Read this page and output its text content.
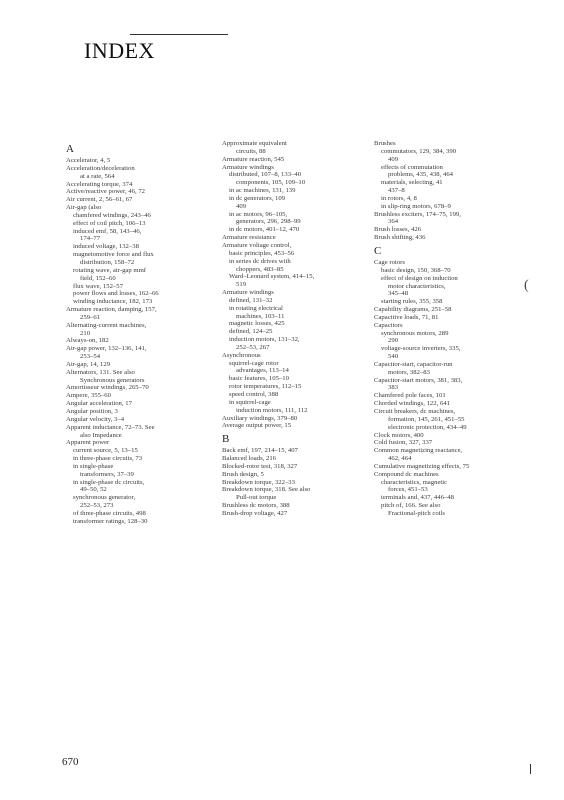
INDEX
A
Accelerator, 4, 5
Acceleration/deceleration
at a rate, 564
Accelerating torque, 374
Active/reactive power, 46, 72
Air current, 2, 56–61, 67
Air-gap (also
chamfered windings, 243–46
effect of coil pitch, 106–13
induced emf, 58, 143–46,
174–77
induced voltage, 132–38
magnetomotive force and flux
distribution, 158–72
rotating wave, air-gap mmf
field, 152–60
flux wave, 152–57
power flows and losses, 162–66
winding inductance, 182, 173
Armature reaction, damping, 157,
259–61
Alternating-current machines,
210
Always-on, 182
Air-gap power, 132–136, 141,
253–54
Air-gap, 14, 129
Alternators, 131. See also
Synchronous generators
Amortisseur windings, 265–70
Ampere, 355–60
Angular acceleration, 17
Angular position, 3
Angular velocity, 3–4
Apparent inductance, 72–73. See
also Impedance
Apparent power
current source, 5, 13–15
in three-phase circuits, 73
in single-phase
transformers, 37–39
in single-phase dc circuits,
49–50, 52
synchronous generator,
252–53, 273
of three-phase circuits, 498
transformer ratings, 128–30
Approximate equivalent
circuits, 88
Armature reaction, 545
Armature windings
distributed, 107–8, 133–40
components, 105, 109–10
in ac machines, 131, 139
in dc generators, 109
409
in ac motors, 96–105,
generators, 296, 298–99
in dc motors, 401–12, 470
Armature resistance
Armature voltage control,
basic principles, 453–56
in series dc drives with
choppers, 483–85
Ward–Leonard system, 414–15,
519
Armature windings
defined, 131–32
in rotating electrical
machines, 103–11
magnetic losses, 425
defined, 124–25
induction motors, 131–32,
252–53, 267
Asynchronous
squirrel-cage rotor
advantages, 113–14
basic features, 105–10
rotor temperatures, 112–15
speed control, 388
in squirrel-cage
induction motors, 111, 112
Auxiliary windings, 379–80
Average output power, 15
B
Back emf, 197, 214–15, 407
Balanced loads, 216
Blocked-rotor test, 318, 327
Brush design, 5
Breakdown torque, 322–33
Breakdown torque, 318. See also
Pull-out torque
Brushless dc motors, 388
Brush-drop voltage, 427
Brushes
commutators, 129, 384, 390
409
effects of commutation
problems, 435, 438, 464
materials, selecting, 41
437–8
in rotors, 4, 8
in slip-ring motors, 678–9
Brushless exciters, 174–75, 199,
364
Brush losses, 426
Brush shifting, 436
C
Cage rotors
basic design, 150, 368–70
effect of design on induction
motor characteristics,
345–48
starting rules, 355, 358
Capability diagrams, 251–58
Capacitive loads, 71, 81
Capacitors
synchronous motors, 289
290
voltage-source inverters, 335,
540
Capacitor-start, capacitor-run
motors, 382–83
Capacitor-start motors, 381, 383,
383
Chamfered pole faces, 101
Chorded windings, 122, 641
Circuit breakers, dc machines,
formation, 145, 261, 451–55
electronic protection, 434–49
Clock motors, 400
Cold fusion, 327, 337
Common magnetizing reactance,
462, 464
Cumulative magnetizing effects, 75
Compound dc machines
characteristics, magnetic
forces, 451–53
terminals and, 437, 446–48
pitch of, 166. See also
Fractional-pitch coils
670
(
